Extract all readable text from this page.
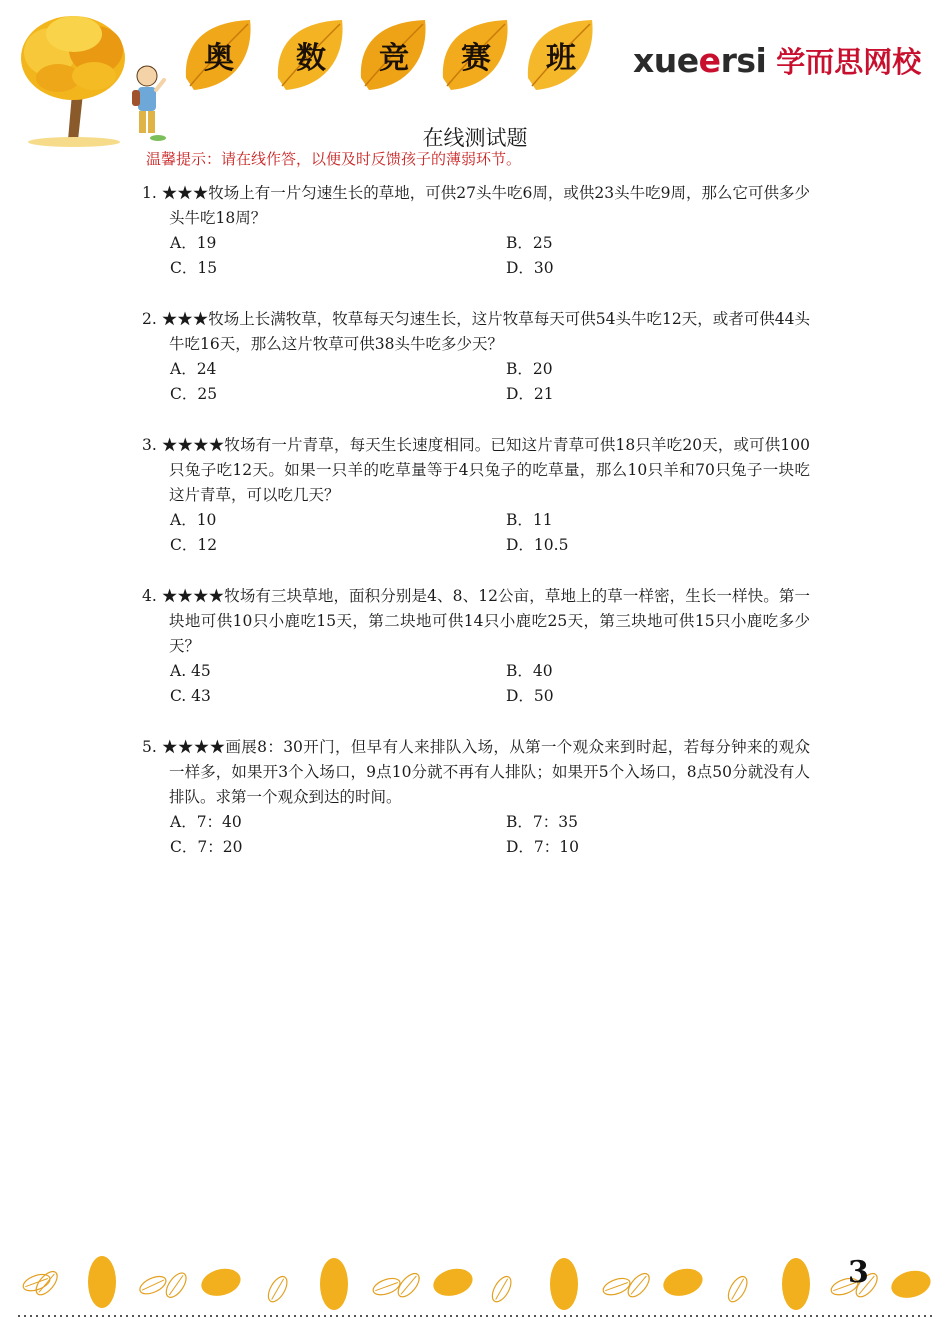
奥	数	竞	赛	班	xueersi 学而思网校
在线测试题
温馨提示：请在线作答，以便及时反馈孩子的薄弱环节。
1. ★★★牧场上有一片匀速生长的草地，可供27头牛吃6周，或供23头牛吃9周，那么它可供多少头牛吃18周？
A．19	B．25
C．15	D．30
2. ★★★牧场上长满牧草，牧草每天匀速生长，这片牧草每天可供54头牛吃12天，或者可供44头牛吃16天，那么这片牧草可供38头牛吃多少天？
A．24	B．20
C．25	D．21
3. ★★★★牧场有一片青草，每天生长速度相同。已知这片青草可供18只羊吃20天，或可供100只兔子吃12天。如果一只羊的吃草量等于4只兔子的吃草量，那么10只羊和70只兔子一块吃这片青草，可以吃几天？
A．10	B．11
C．12	D．10.5
4. ★★★★牧场有三块草地，面积分别是4、8、12公亩，草地上的草一样密，生长一样快。第一块地可供10只小鹿吃15天，第二块地可供14只小鹿吃25天，第三块地可供15只小鹿吃多少天？
A. 45	B．40
C. 43	D．50
5. ★★★★画展8：30开门，但早有人来排队入场，从第一个观众来到时起，若每分钟来的观众一样多，如果开3个入场口，9点10分就不再有人排队；如果开5个入场口，8点50分就没有人排队。求第一个观众到达的时间。
A．7：40	B．7：35
C．7：20	D．7：10
3
